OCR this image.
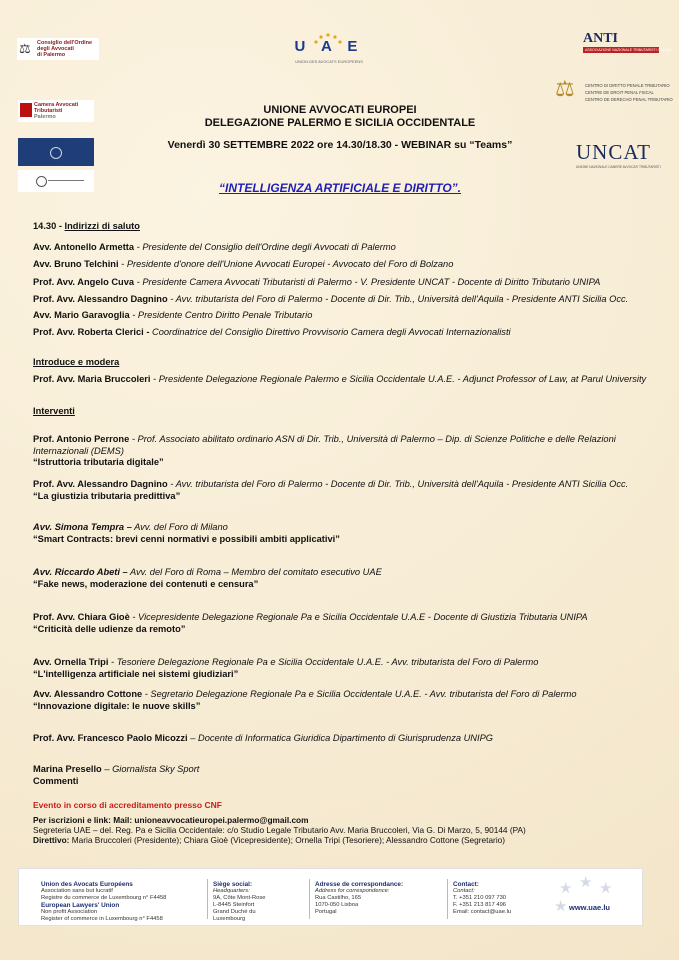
⚖ Consiglio dell'Ordine
degli Avvocati
di Palermo	U A E
UNION DES AVOCATS EUROPEENS
ANTI
ASSOCIAZIONE NAZIONALE TRIBUTARISTI ITALIANI
⚖ CENTRO DI DIRITTO PENALE TRIBUTARIO
CENTRE DE DROIT PENAL FISCAL
CENTRO DE DERECHO PENAL TRIBUTARIO
Camera Avvocati
Tributaristi
Palermo
UNCAT
UNIONE NAZIONALE CAMERE AVVOCATI TRIBUTARISTI
UNIONE AVVOCATI EUROPEI
DELEGAZIONE PALERMO E SICILIA OCCIDENTALE
Venerdì 30 SETTEMBRE 2022 ore 14.30/18.30 - WEBINAR su “Teams”
“INTELLIGENZA ARTIFICIALE E DIRITTO”.
14.30 - Indirizzi di saluto
Avv. Antonello Armetta - Presidente del Consiglio dell'Ordine degli Avvocati di Palermo
Avv. Bruno Telchini - Presidente d'onore dell'Unione Avvocati Europei - Avvocato del Foro di Bolzano
Prof. Avv. Angelo Cuva - Presidente Camera Avvocati Tributaristi di Palermo - V. Presidente UNCAT - Docente di Diritto Tributario UNIPA
Prof. Avv. Alessandro Dagnino - Avv. tributarista del Foro di Palermo - Docente di Dir. Trib., Università dell'Aquila - Presidente ANTI Sicilia Occ.
Avv. Mario Garavoglia - Presidente Centro Diritto Penale Tributario
Prof. Avv. Roberta Clerici - Coordinatrice del Consiglio Direttivo Provvisorio Camera degli Avvocati Internazionalisti
Introduce e modera
Prof. Avv. Maria Bruccoleri - Presidente Delegazione Regionale Palermo e Sicilia Occidentale U.A.E. - Adjunct Professor of Law, at Parul University
Interventi
Prof. Antonio Perrone - Prof. Associato abilitato ordinario ASN di Dir. Trib., Università di Palermo – Dip. di Scienze Politiche e delle Relazioni Internazionali (DEMS)
“Istruttoria tributaria digitale”
Prof. Avv. Alessandro Dagnino - Avv. tributarista del Foro di Palermo - Docente di Dir. Trib., Università dell'Aquila - Presidente ANTI Sicilia Occ.
“La giustizia tributaria predittiva”
Avv. Simona Tempra – Avv. del Foro di Milano
“Smart Contracts: brevi cenni normativi e possibili ambiti applicativi”
Avv. Riccardo Abeti – Avv. del Foro di Roma – Membro del comitato esecutivo UAE
“Fake news, moderazione dei contenuti e censura”
Prof. Avv. Chiara Gioè - Vicepresidente Delegazione Regionale Pa e Sicilia Occidentale U.A.E - Docente di Giustizia Tributaria UNIPA
“Criticità delle udienze da remoto”
Avv. Ornella Tripi - Tesoriere Delegazione Regionale Pa e Sicilia Occidentale U.A.E. - Avv. tributarista del Foro di Palermo
“L'intelligenza artificiale nei sistemi giudiziari”
Avv. Alessandro Cottone - Segretario Delegazione Regionale Pa e Sicilia Occidentale U.A.E. - Avv. tributarista del Foro di Palermo
“Innovazione digitale: le nuove skills”
Prof. Avv. Francesco Paolo Micozzi – Docente di Informatica Giuridica Dipartimento di Giurisprudenza UNIPG
Marina Presello – Giornalista Sky Sport
Commenti
Evento in corso di accreditamento presso CNF
Per iscrizioni e link: Mail: unioneavvocatieuropei.palermo@gmail.com
Segreteria UAE – del. Reg. Pa e Sicilia Occidentale: c/o Studio Legale Tributario Avv. Maria Bruccoleri, Via G. Di Marzo, 5, 90144 (PA)
Direttivo: Maria Bruccoleri (Presidente); Chiara Gioè (Vicepresidente); Ornella Tripi (Tesoriere); Alessandro Cottone (Segretario)
Union des Avocats Européens
Association sans but lucratif
Registre du commerce de Luxembourg n° F4458
European Lawyers' Union
Non profit Association
Register of commerce in Luxembourg n° F4458
Siège social:
Headquarters:
9A, Côte Mont-Rose
L-8445 Steinfort
Grand Duché du
Luxembourg
Adresse de correspondance:
Address for correspondence:
Rua Castilho, 165
1070-050 Lisboa
Portugal
Contact:
Contact:
T. +351 210 097 730
F. +351 213 817 496
Email: contact@uae.lu
★ ★ ★
★ www.uae.lu
